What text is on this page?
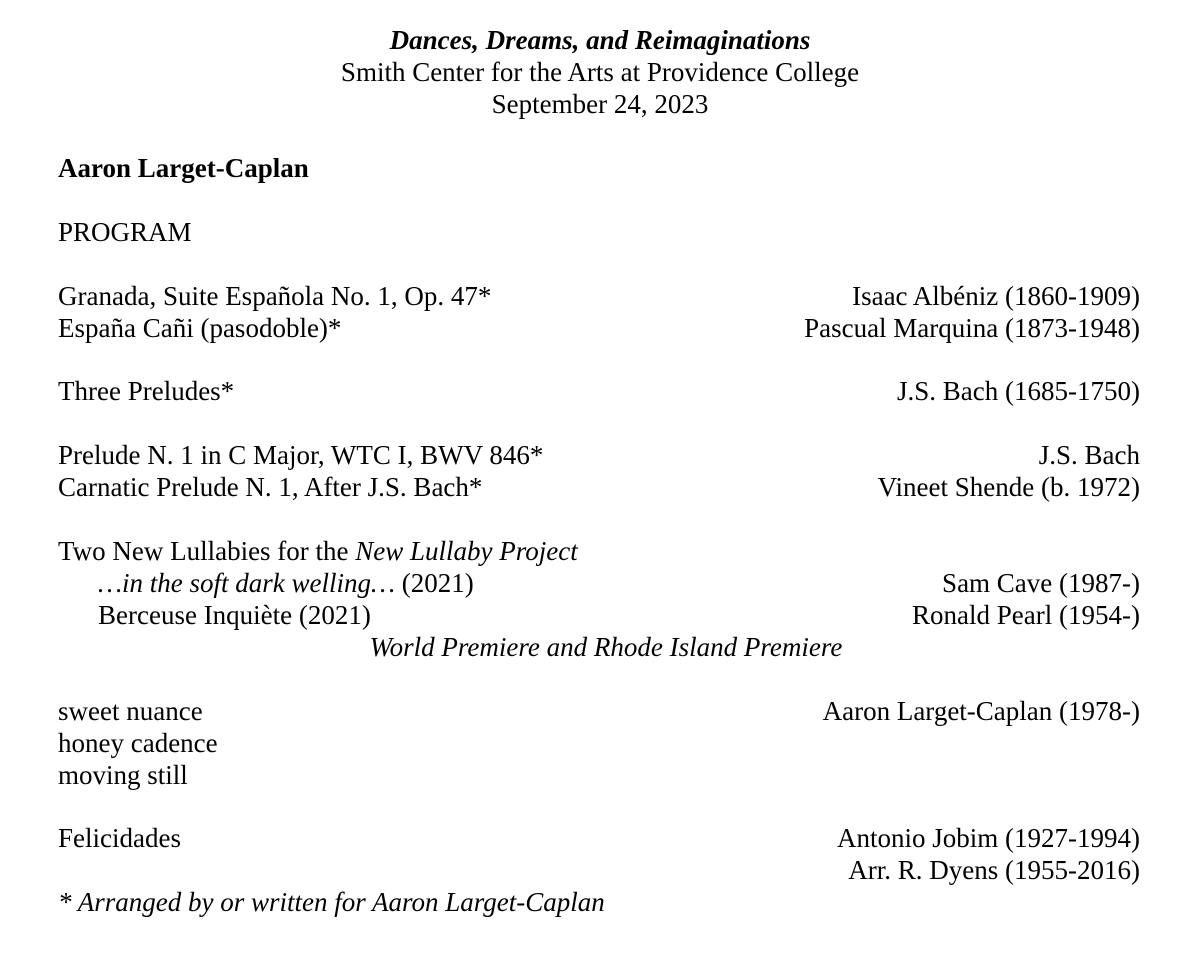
Dances, Dreams, and Reimaginations
Smith Center for the Arts at Providence College
September 24, 2023
Aaron Larget-Caplan
PROGRAM
Granada, Suite Española No. 1, Op. 47*	Isaac Albéniz (1860-1909)
España Cañi (pasodoble)*	Pascual Marquina (1873-1948)
Three Preludes*	J.S. Bach (1685-1750)
Prelude N. 1 in C Major, WTC I, BWV 846*	J.S. Bach
Carnatic Prelude N. 1, After J.S. Bach*	Vineet Shende (b. 1972)
Two New Lullabies for the New Lullaby Project
…in the soft dark welling… (2021)	Sam Cave (1987-)
Berceuse Inquiète (2021)	Ronald Pearl (1954-)
World Premiere and Rhode Island Premiere
sweet nuance	Aaron Larget-Caplan (1978-)
honey cadence
moving still
Felicidades	Antonio Jobim (1927-1994)
Arr. R. Dyens (1955-2016)
* Arranged by or written for Aaron Larget-Caplan
